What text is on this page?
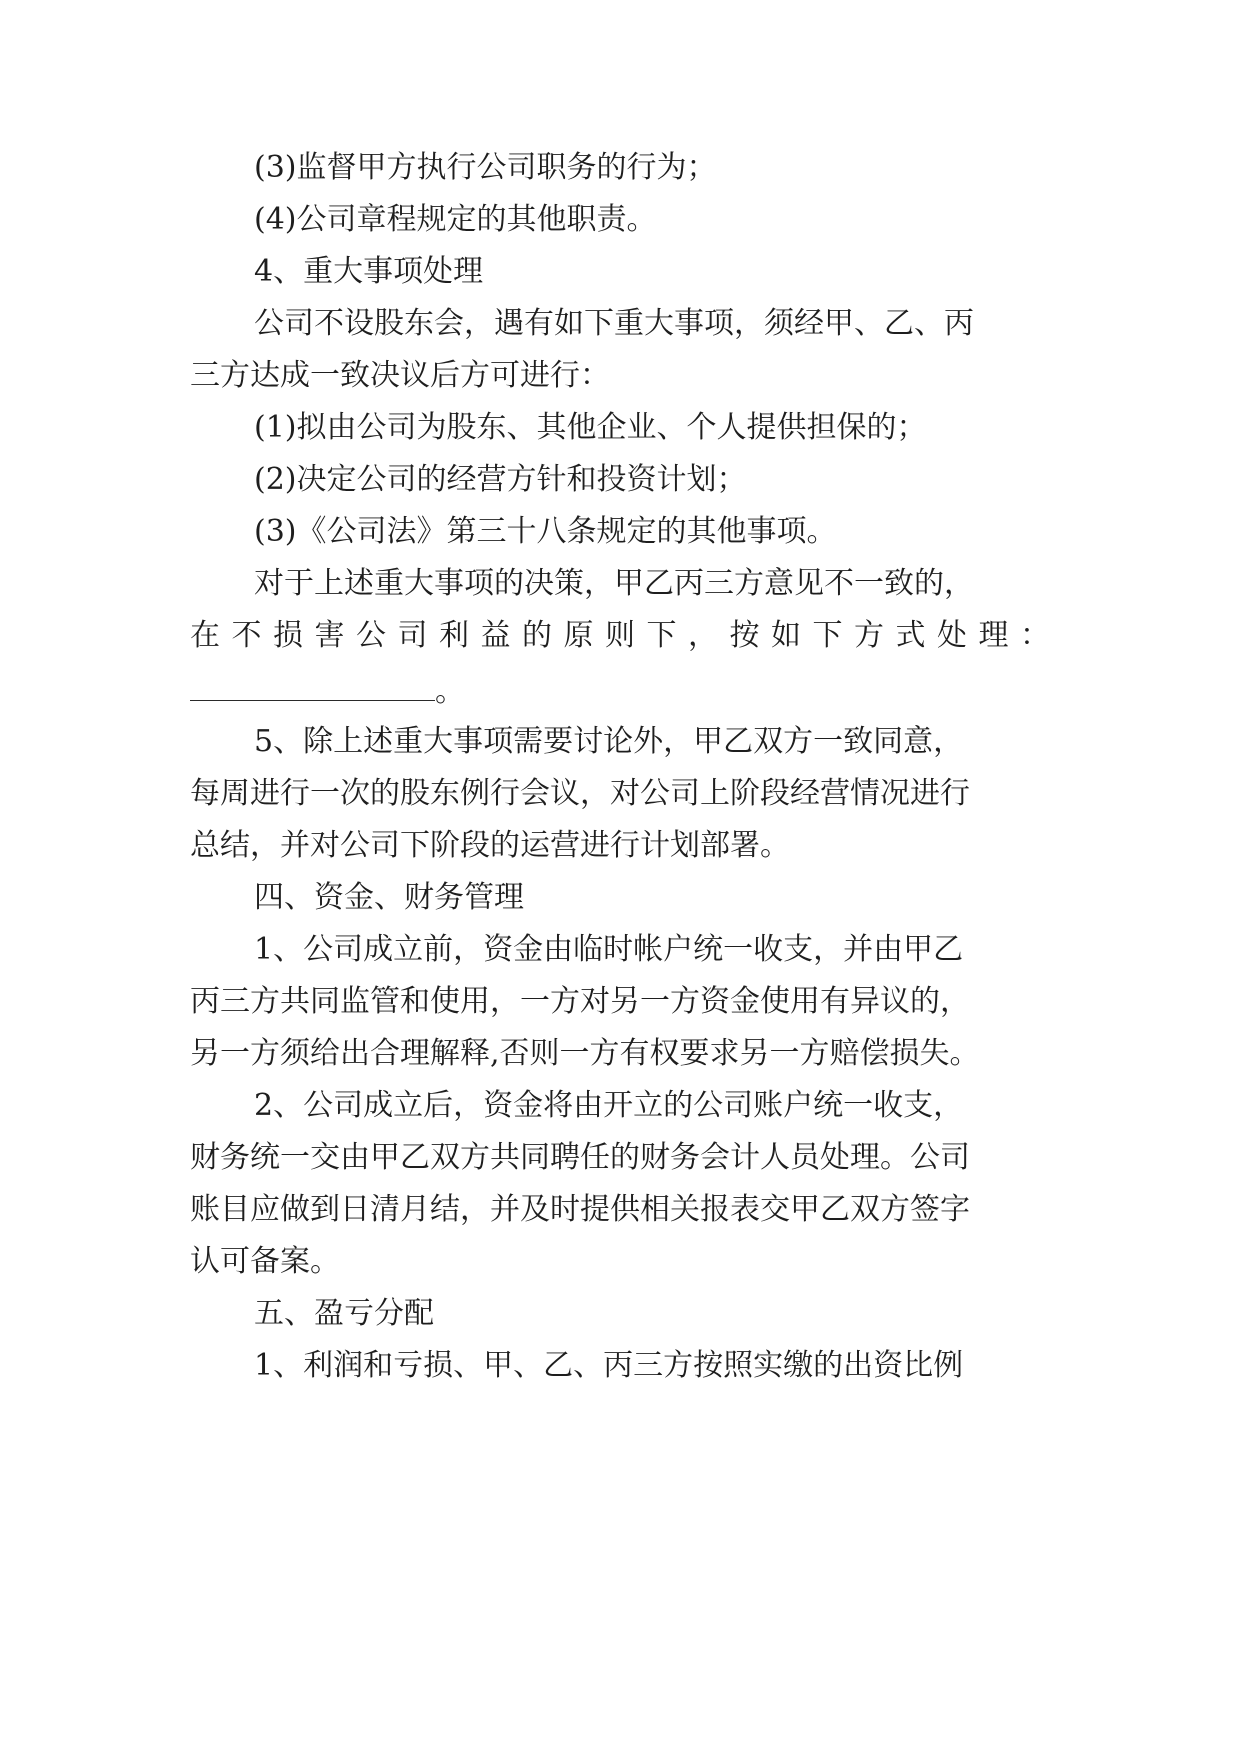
(3)监督甲方执行公司职务的行为；
(4)公司章程规定的其他职责。
4、重大事项处理
公司不设股东会，遇有如下重大事项，须经甲、乙、丙
三方达成一致决议后方可进行：
(1)拟由公司为股东、其他企业、个人提供担保的；
(2)决定公司的经营方针和投资计划；
(3)《公司法》第三十八条规定的其他事项。
对于上述重大事项的决策，甲乙丙三方意见不一致的，
在不损害公司利益的原则下，按如下方式处理：
。
5、除上述重大事项需要讨论外，甲乙双方一致同意，
每周进行一次的股东例行会议，对公司上阶段经营情况进行
总结，并对公司下阶段的运营进行计划部署。
四、资金、财务管理
1、公司成立前，资金由临时帐户统一收支，并由甲乙
丙三方共同监管和使用，一方对另一方资金使用有异议的，
另一方须给出合理解释,否则一方有权要求另一方赔偿损失。
2、公司成立后，资金将由开立的公司账户统一收支，
财务统一交由甲乙双方共同聘任的财务会计人员处理。公司
账目应做到日清月结，并及时提供相关报表交甲乙双方签字
认可备案。
五、盈亏分配
1、利润和亏损、甲、乙、丙三方按照实缴的出资比例
